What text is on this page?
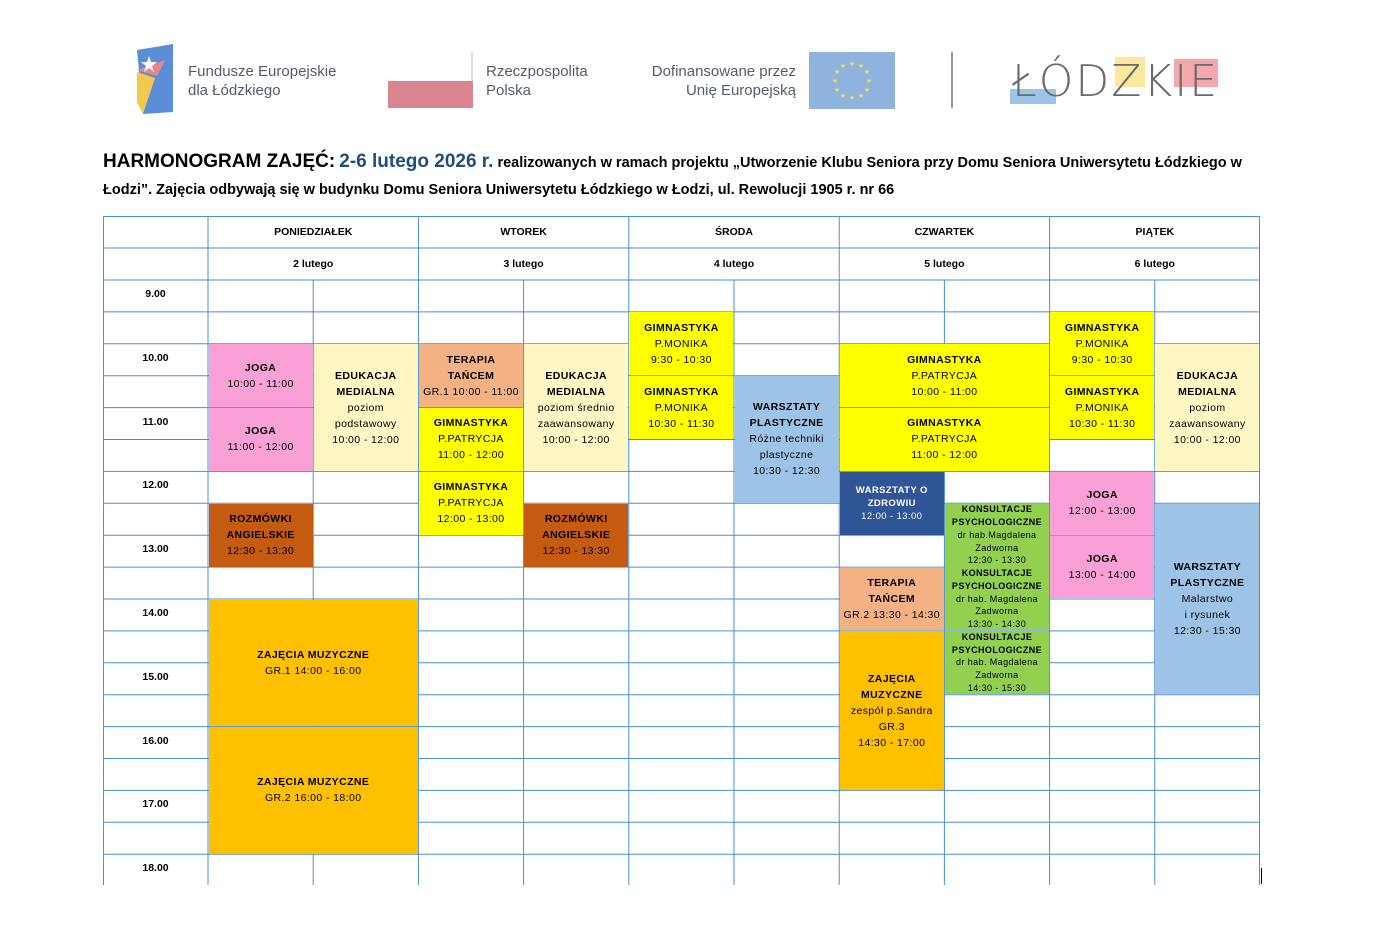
Fundusze Europejskie
dla Łódzkiego
Rzeczpospolita
Polska
Dofinansowane przez
Unię Europejską
★ ★
★
★
★
★
★
★
★
★
★
★	ŁÓDZKIE
HARMONOGRAM ZAJĘĆ: 2-6 lutego 2026 r. realizowanych w ramach projektu „Utworzenie Klubu Seniora przy Domu Seniora Uniwersytetu Łódzkiego w Łodzi”. Zajęcia odbywają się w budynku Domu Seniora Uniwersytetu Łódzkiego w Łodzi, ul. Rewolucji 1905 r. nr 66
PONIEDZIAŁEK
2 lutego
WTOREK
3 lutego
ŚRODA
4 lutego
CZWARTEK
5 lutego
PIĄTEK
6 lutego
9.00
10.00
11.00
12.00
13.00
14.00
15.00
16.00
17.00
18.00
JOGA
10:00 - 11:00
JOGA
11:00 - 12:00
EDUKACJA MEDIALNA
poziom
podstawowy
10:00 - 12:00
ROZMÓWKI ANGIELSKIE
12:30 - 13:30
ZAJĘCIA MUZYCZNE
GR.1 14:00 - 16:00
ZAJĘCIA MUZYCZNE
GR.2 16:00 - 18:00
TERAPIA TAŃCEM
GR.1 10:00 - 11:00
GIMNASTYKA
P.PATRYCJA
11:00 - 12:00
GIMNASTYKA
P.PATRYCJA
12:00 - 13:00
EDUKACJA MEDIALNA
poziom średnio
zaawansowany
10:00 - 12:00
ROZMÓWKI ANGIELSKIE
12:30 - 13:30
GIMNASTYKA
P.MONIKA
9:30 - 10:30
GIMNASTYKA
P.MONIKA
10:30 - 11:30
WARSZTATY PLASTYCZNE
Różne techniki
plastyczne
10:30 - 12:30
GIMNASTYKA
P.PATRYCJA
10:00 - 11:00
GIMNASTYKA
P.PATRYCJA
11:00 - 12:00
WARSZTATY O ZDROWIU
12:00 - 13:00
TERAPIA TAŃCEM
GR.2 13:30 - 14:30
ZAJĘCIA MUZYCZNE
zespół p.Sandra
GR.3
14:30 - 17:00
KONSULTACJE PSYCHOLOGICZNE
dr hab.Magdalena
Zadworna
12:30 - 13:30
KONSULTACJE PSYCHOLOGICZNE
dr hab. Magdalena
Zadworna
13:30 - 14:30
KONSULTACJE PSYCHOLOGICZNE
dr hab. Magdalena
Zadworna
14:30 - 15:30
GIMNASTYKA
P.MONIKA
9:30 - 10:30
GIMNASTYKA
P.MONIKA
10:30 - 11:30
JOGA
12:00 - 13:00
JOGA
13:00 - 14:00
EDUKACJA MEDIALNA
poziom
zaawansowany
10:00 - 12:00
WARSZTATY PLASTYCZNE
Malarstwo
i rysunek
12:30 - 15:30
